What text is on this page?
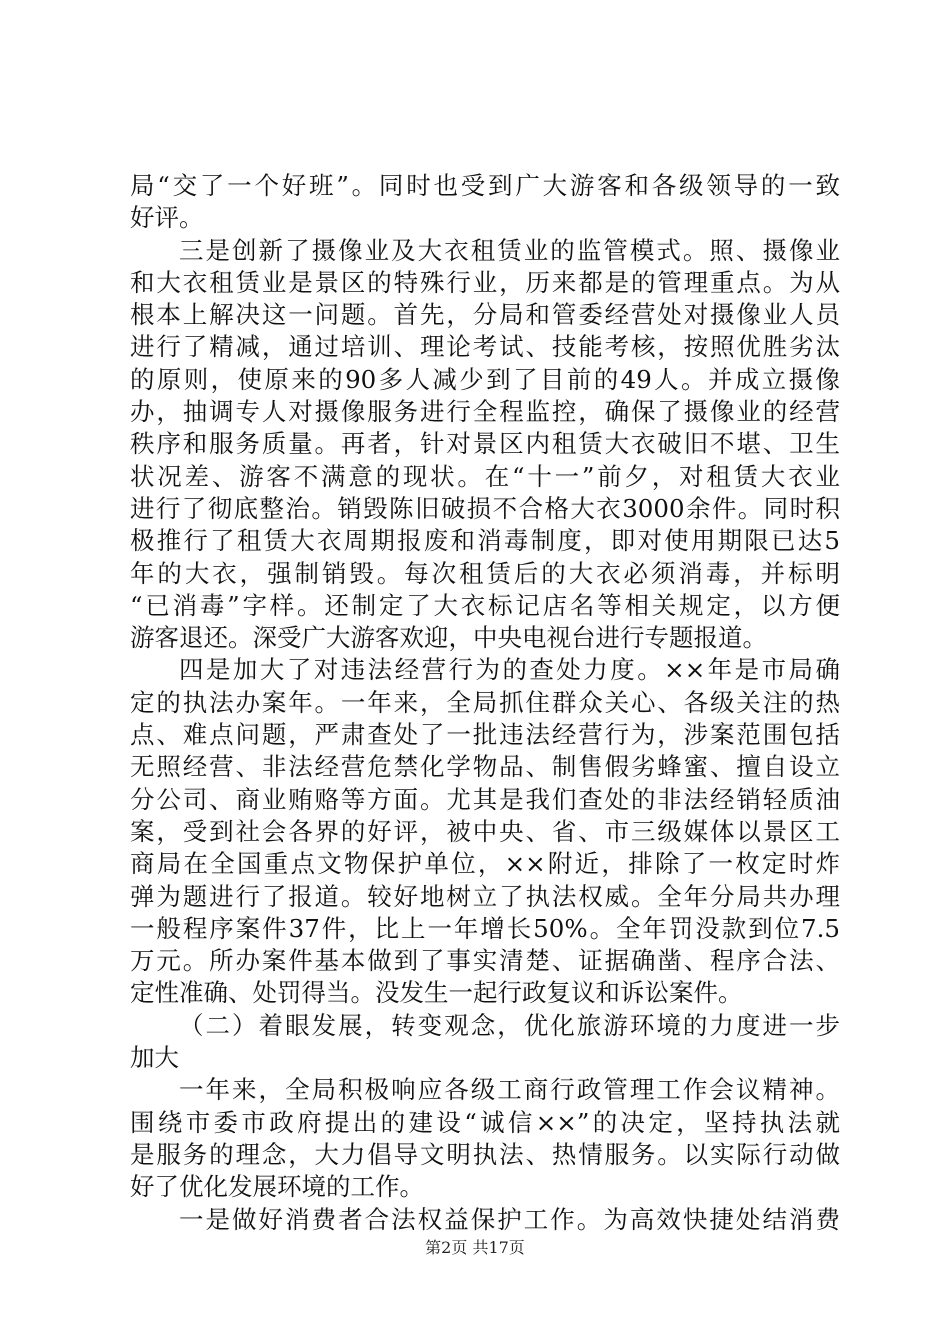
局“交了一个好班”。同时也受到广大游客和各级领导的一致
好评。
三是创新了摄像业及大衣租赁业的监管模式。照、摄像业
和大衣租赁业是景区的特殊行业，历来都是的管理重点。为从
根本上解决这一问题。首先，分局和管委经营处对摄像业人员
进行了精减，通过培训、理论考试、技能考核，按照优胜劣汰
的原则，使原来的90多人减少到了目前的49人。并成立摄像
办，抽调专人对摄像服务进行全程监控，确保了摄像业的经营
秩序和服务质量。再者，针对景区内租赁大衣破旧不堪、卫生
状况差、游客不满意的现状。在“十一”前夕，对租赁大衣业
进行了彻底整治。销毁陈旧破损不合格大衣3000余件。同时积
极推行了租赁大衣周期报废和消毒制度，即对使用期限已达5
年的大衣，强制销毁。每次租赁后的大衣必须消毒，并标明
“已消毒”字样。还制定了大衣标记店名等相关规定，以方便
游客退还。深受广大游客欢迎，中央电视台进行专题报道。
四是加大了对违法经营行为的查处力度。××年是市局确
定的执法办案年。一年来，全局抓住群众关心、各级关注的热
点、难点问题，严肃查处了一批违法经营行为，涉案范围包括
无照经营、非法经营危禁化学物品、制售假劣蜂蜜、擅自设立
分公司、商业贿赂等方面。尤其是我们查处的非法经销轻质油
案，受到社会各界的好评，被中央、省、市三级媒体以景区工
商局在全国重点文物保护单位，××附近，排除了一枚定时炸
弹为题进行了报道。较好地树立了执法权威。全年分局共办理
一般程序案件37件，比上一年增长50%。全年罚没款到位7.5
万元。所办案件基本做到了事实清楚、证据确凿、程序合法、
定性准确、处罚得当。没发生一起行政复议和诉讼案件。
（二）着眼发展，转变观念，优化旅游环境的力度进一步
加大
一年来，全局积极响应各级工商行政管理工作会议精神。
围绕市委市政府提出的建设“诚信××”的决定，坚持执法就
是服务的理念，大力倡导文明执法、热情服务。以实际行动做
好了优化发展环境的工作。
一是做好消费者合法权益保护工作。为高效快捷处结消费
第2页 共17页
